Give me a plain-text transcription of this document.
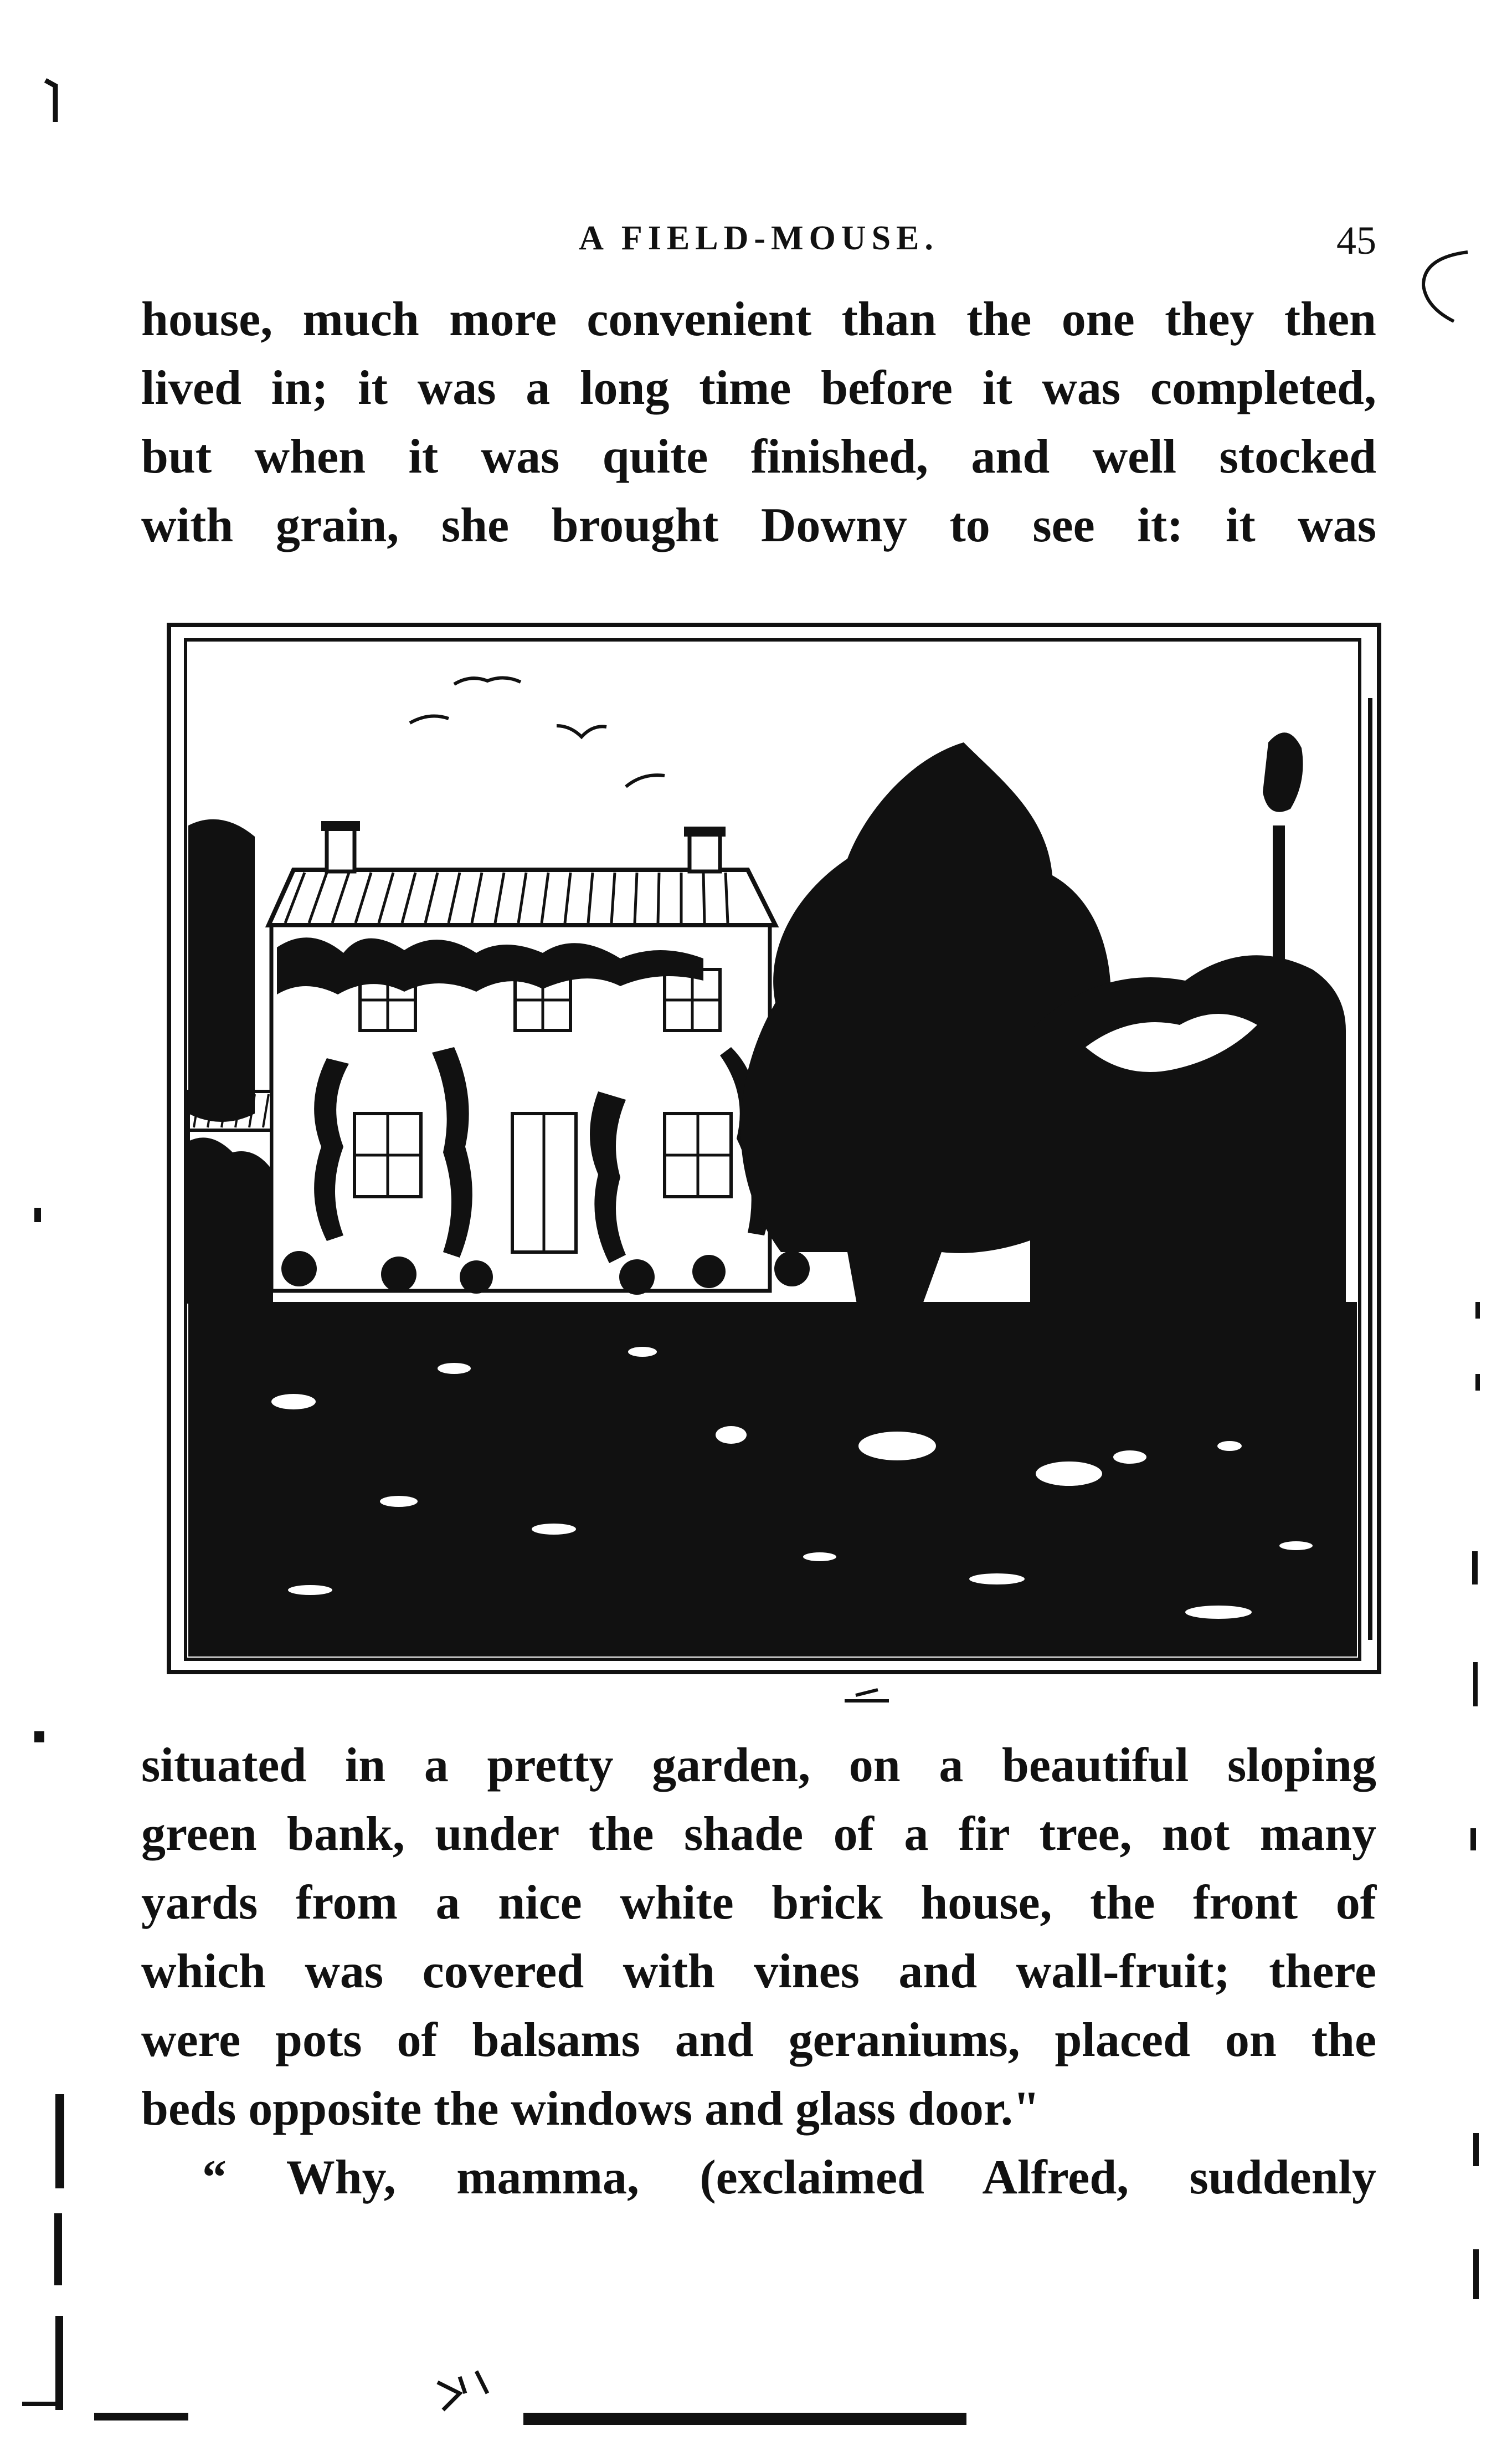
A FIELD-MOUSE.	45
house, much more convenient than the one they then
lived in; it was a long time before it was completed,
but when it was quite finished, and well stocked
with grain, she brought Downy to see it: it was
situated in a pretty garden, on a beautiful sloping
green bank, under the shade of a fir tree, not many
yards from a nice white brick house, the front of
which was covered with vines and wall-fruit; there
were pots of balsams and geraniums, placed on the
beds opposite the windows and glass door."
“ Why, mamma, (exclaimed Alfred, suddenly
